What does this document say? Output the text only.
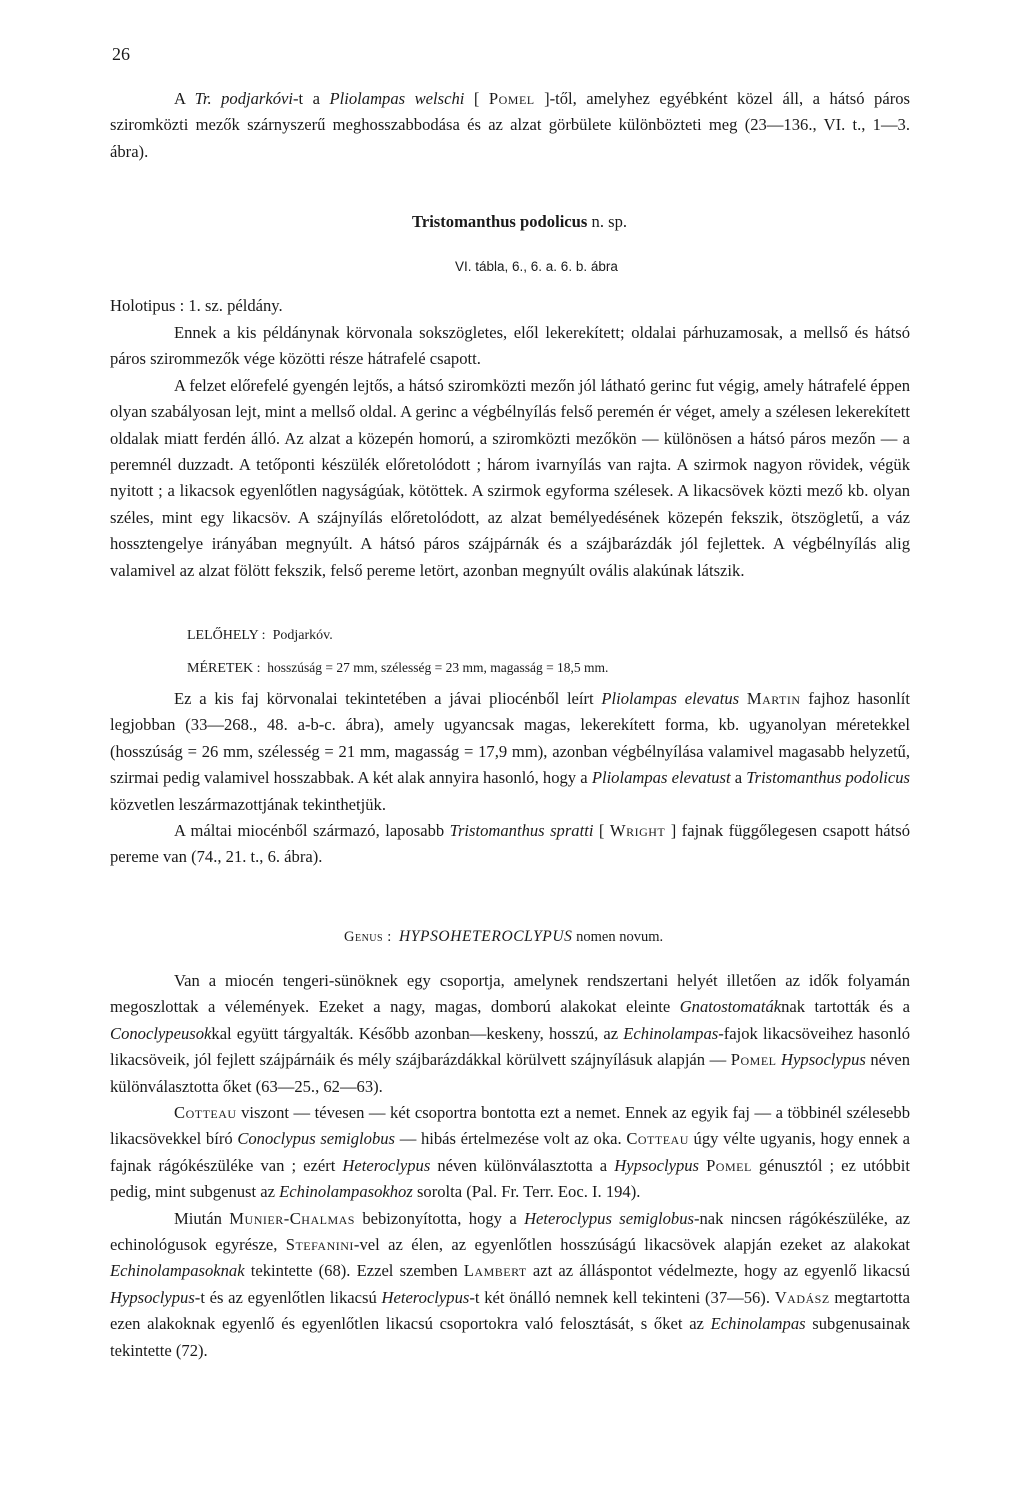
26

A Tr. podjarkóvi-t a Pliolampas welschi [ Pomel ]-től, amelyhez egyébként közel áll, a hátsó páros sziromközti mezők szárnyszerű meghosszabbodása és az alzat görbülete különbözteti meg (23—136., VI. t., 1—3. ábra).

Tristomanthus podolicus n. sp.
VI. tábla, 6., 6. a. 6. b. ábra
Holotipus : 1. sz. példány.

Ennek a kis példánynak körvonala sokszögletes, elől lekerekített; oldalai párhuzamosak, a mellső és hátsó páros szirommezők vége közötti része hátrafelé csapott.

A felzet előrefelé gyengén lejtős, a hátsó sziromközti mezőn jól látható gerinc fut végig, amely hátrafelé éppen olyan szabályosan lejt, mint a mellső oldal. A gerinc a végbélnyílás felső peremén ér véget, amely a szélesen lekerekített oldalak miatt ferdén álló. Az alzat a közepén homorú, a sziromközti mezőkön — különösen a hátsó páros mezőn — a peremnél duzzadt. A tetőponti készülék előretolódott ; három ivarnyílás van rajta. A szirmok nagyon rövidek, végük nyitott ; a likacsok egyenlőtlen nagyságúak, kötöttek. A szirmok egyforma szélesek. A likacsövek közti mező kb. olyan széles, mint egy likacsöv. A szájnyílás előretolódott, az alzat bemélyedésének közepén fekszik, ötszögletű, a váz hossztengelye irányában megnyúlt. A hátsó páros szájpárnák és a szájbarázdák jól fejlettek. A végbélnyílás alig valamivel az alzat fölött fekszik, felső pereme letört, azonban megnyúlt ovális alakúnak látszik.

LELŐHELY : Podjarkóv.
MÉRETEK : hosszúság = 27 mm, szélesség = 23 mm, magasság = 18,5 mm.

Ez a kis faj körvonalai tekintetében a jávai pliocénből leírt Pliolampas elevatus Martin fajhoz hasonlít legjobban (33—268., 48. a-b-c. ábra), amely ugyancsak magas, lekerekített forma, kb. ugyanolyan méretekkel (hosszúság = 26 mm, szélesség = 21 mm, magasság = 17,9 mm), azonban végbélnyílása valamivel magasabb helyzetű, szirmai pedig valamivel hosszabbak. A két alak annyira hasonló, hogy a Pliolampas elevatust a Tristomanthus podolicus közvetlen leszármazottjának tekinthetjük.

A máltai miocénből származó, laposabb Tristomanthus spratti [ Wright ] fajnak függőlegesen csapott hátsó pereme van (74., 21. t., 6. ábra).

Genus : HYPSOHETEROCLYPUS nomen novum.

Van a miocén tengeri-sünöknek egy csoportja, amelynek rendszertani helyét illetően az idők folyamán megoszlottak a vélemények. Ezeket a nagy, magas, domború alakokat eleinte Gnatostomatáknak tartották és a Conoclypeusokkal együtt tárgyalták. Később azonban—keskeny, hosszú, az Echinolampas-fajok likacsöveihez hasonló likacsöveik, jól fejlett szájpárnáik és mély szájbarázdákkal körülvett szájnyílásuk alapján — Pomel Hypsoclypus néven különválasztotta őket (63—25., 62—63).

Cotteau viszont — tévesen — két csoportra bontotta ezt a nemet. Ennek az egyik faj — a többinél szélesebb likacsövekkel bíró Conoclypus semiglobus — hibás értelmezése volt az oka. Cotteau úgy vélte ugyanis, hogy ennek a fajnak rágókészüléke van ; ezért Heteroclypus néven különválasztotta a Hypsoclypus Pomel génusztól ; ez utóbbit pedig, mint subgenust az Echinolampasokhoz sorolta (Pal. Fr. Terr. Eoc. I. 194).

Miután Munier-Chalmas bebizonyította, hogy a Heteroclypus semiglobus-nak nincsen rágókészüléke, az echinológusok egyrésze, Stefanini-vel az élen, az egyenlőtlen hosszúságú likacsövek alapján ezeket az alakokat Echinolampasoknak tekintette (68). Ezzel szemben Lambert azt az álláspontot védelmezte, hogy az egyenlő likacsú Hypsoclypus-t és az egyenlőtlen likacsú Heteroclypus-t két önálló nemnek kell tekinteni (37—56). Vadász megtartotta ezen alakoknak egyenlő és egyenlőtlen likacsú csoportokra való felosztását, s őket az Echinolampas subgenusainak tekintette (72).
